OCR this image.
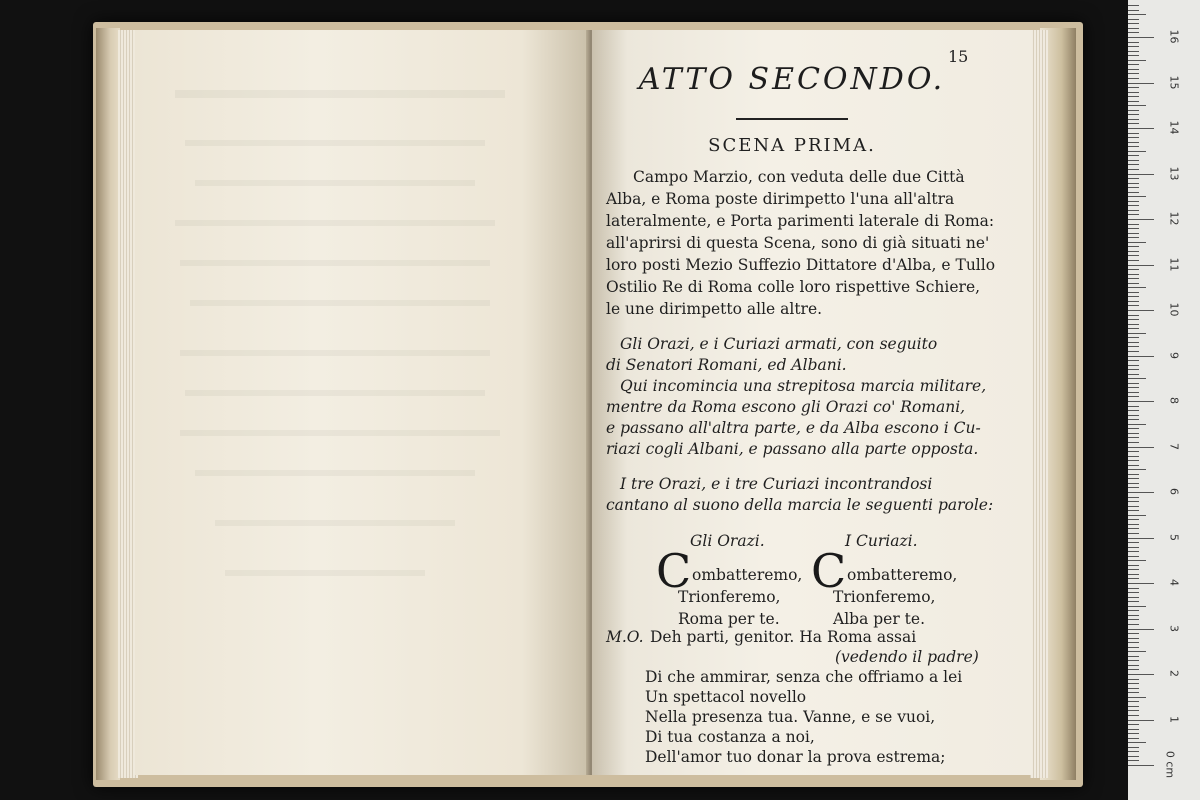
15
ATTO SECONDO.
SCENA PRIMA.
Campo Marzio, con veduta delle due Città
Alba, e Roma poste dirimpetto l'una all'altra
lateralmente, e Porta parimenti laterale di Roma:
all'aprirsi di questa Scena, sono di già situati ne'
loro posti Mezio Suffezio Dittatore d'Alba, e Tullo
Ostilio Re di Roma colle loro rispettive Schiere,
le une dirimpetto alle altre.
Gli Orazi, e i Curiazi armati, con seguito
di Senatori Romani, ed Albani.
Qui incomincia una strepitosa marcia militare,
mentre da Roma escono gli Orazi co' Romani,
e passano all'altra parte, e da Alba escono i Cu-
riazi cogli Albani, e passano alla parte opposta.
I tre Orazi, e i tre Curiazi incontrandosi
cantano al suono della marcia le seguenti parole:
Gli Orazi.	I Curiazi.
C	C
ombatteremo,
Trionferemo,
Roma per te.
ombatteremo,
Trionferemo,
Alba per te.
M.O. Deh parti, genitor. Ha Roma assai
(vedendo il padre)
Di che ammirar, senza che offriamo a lei
Un spettacol novello
Nella presenza tua. Vanne, e se vuoi,
Di tua costanza a noi,
0 cm
1
2
3
4
5
6
7
8
9
10
11
12
13
14
15
16
Dell'amor tuo donar la prova estrema;
